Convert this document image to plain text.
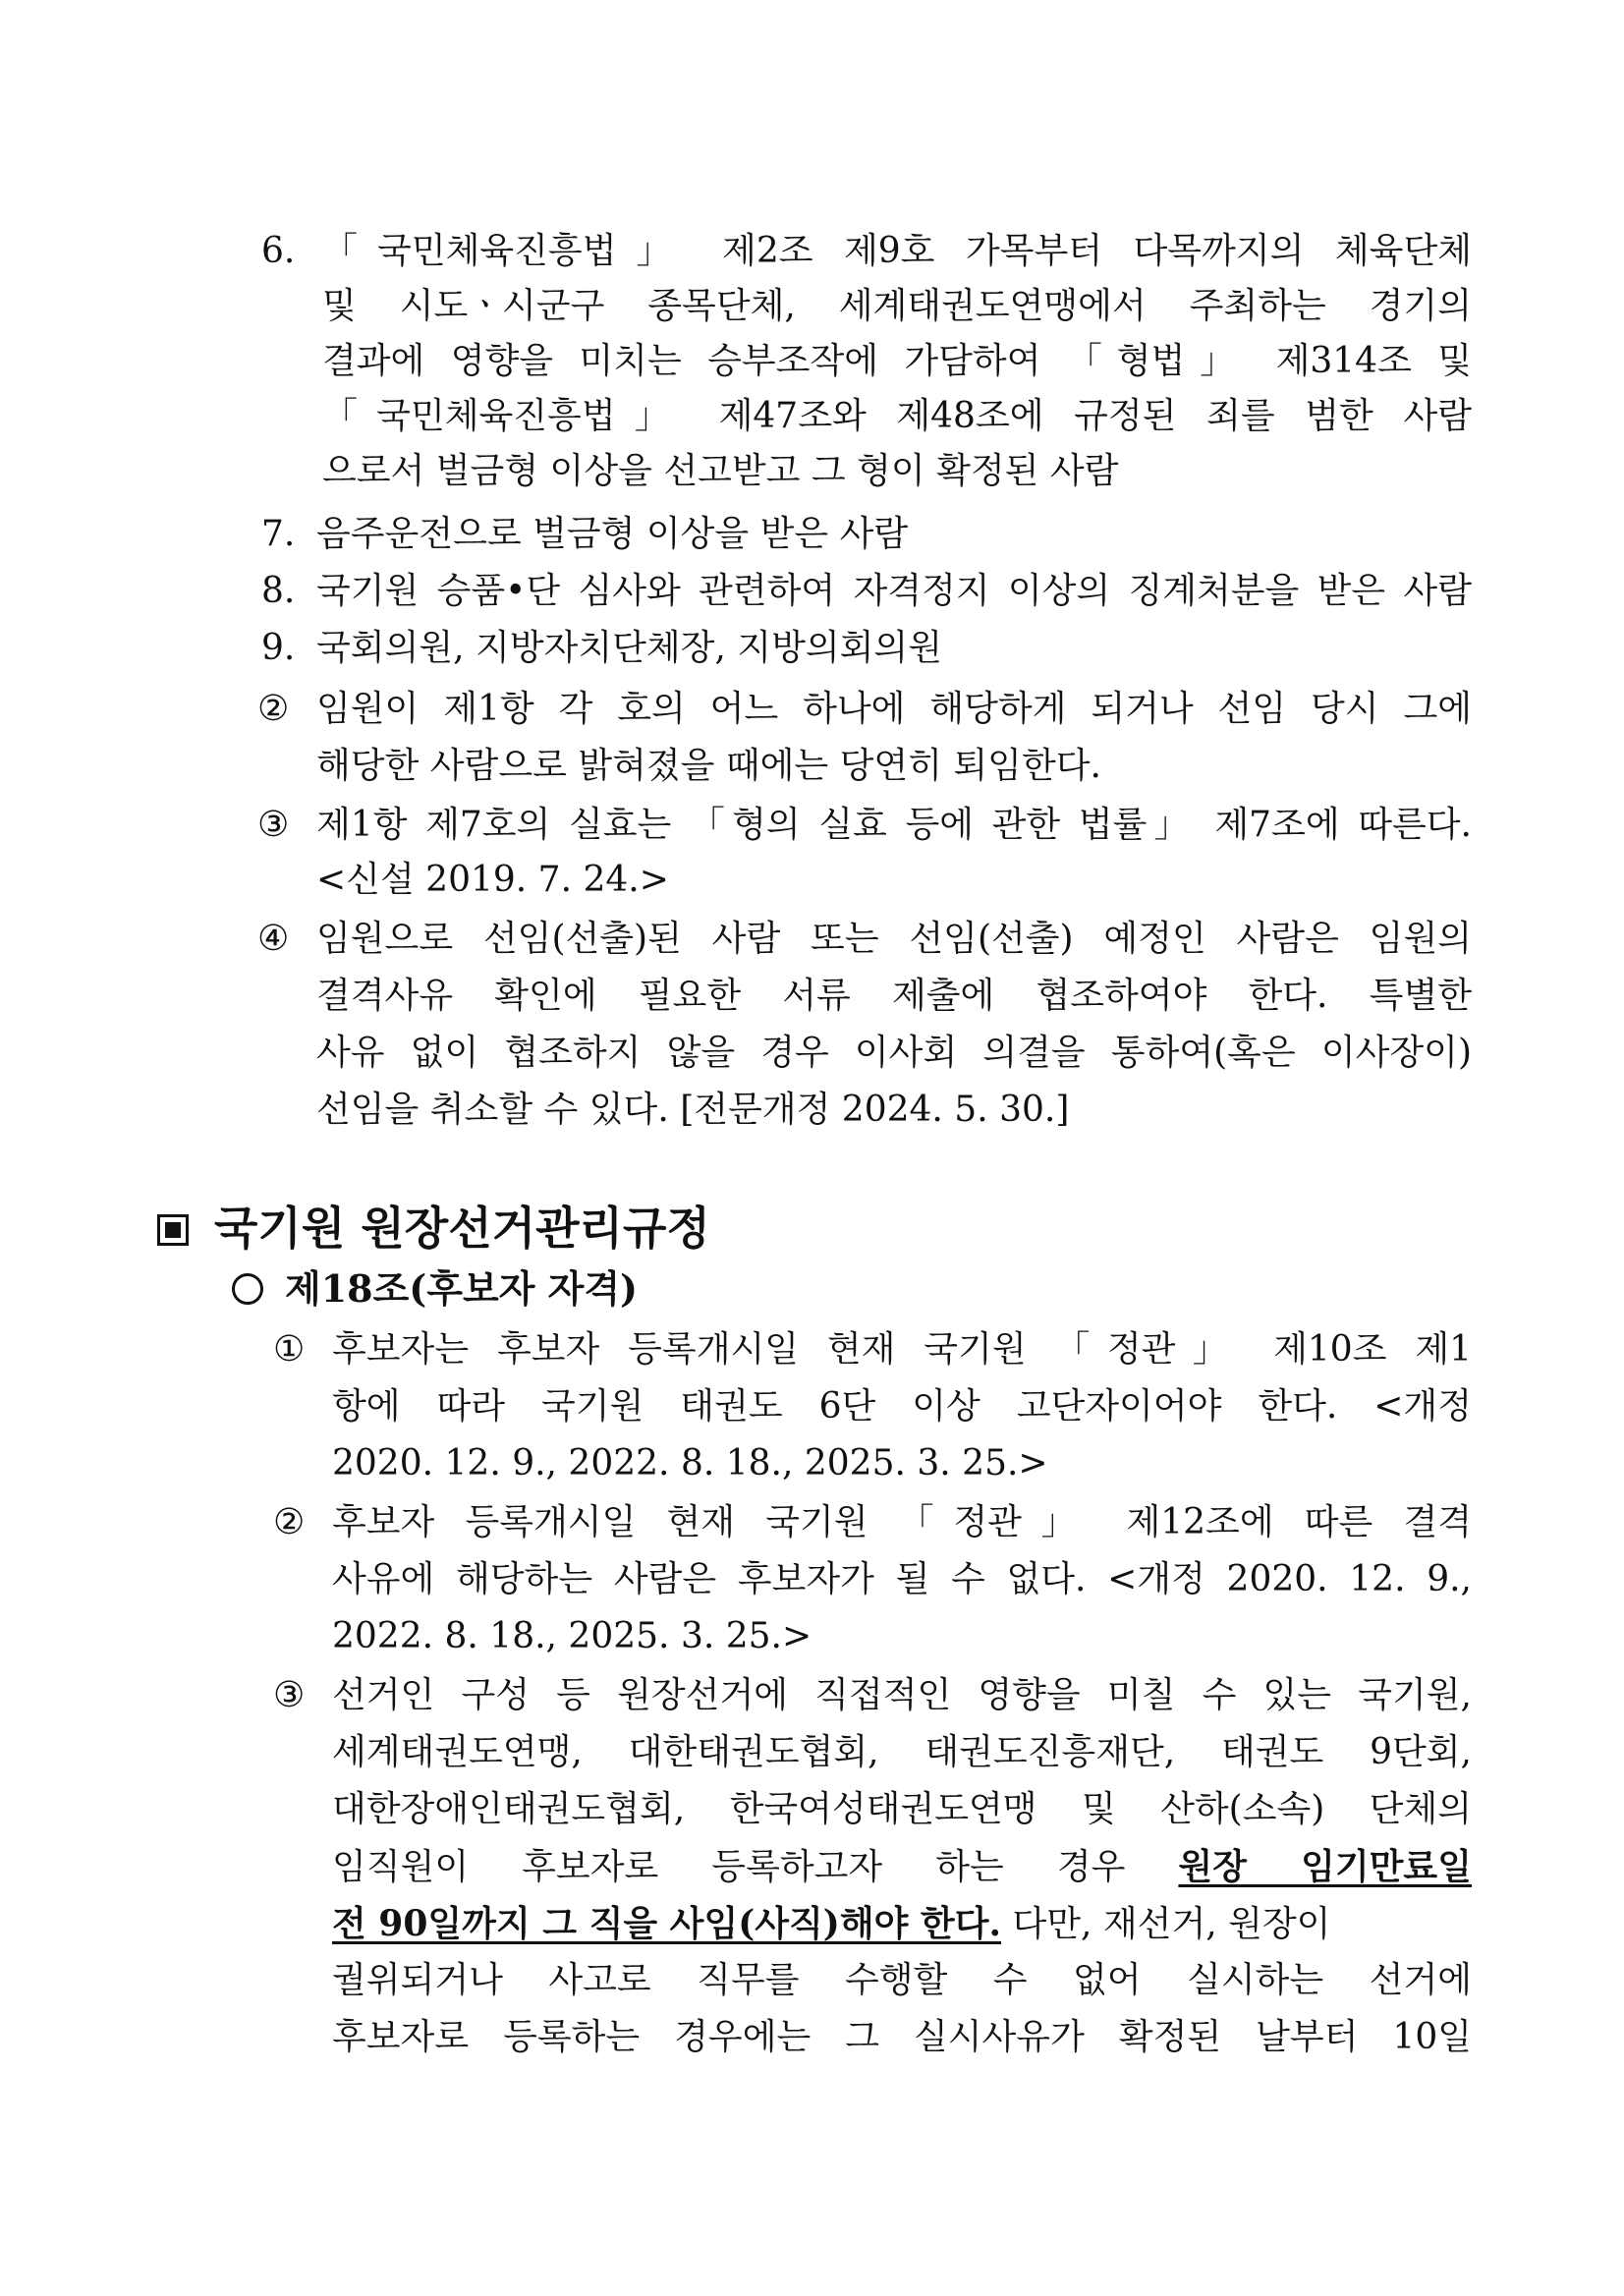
6. 「국민체육진흥법」 제2조 제9호 가목부터 다목까지의 체육단체
및 시도ㆍ시군구 종목단체, 세계태권도연맹에서 주최하는 경기의
결과에 영향을 미치는 승부조작에 가담하여 「형법」 제314조 및
「국민체육진흥법」 제47조와 제48조에 규정된 죄를 범한 사람
으로서 벌금형 이상을 선고받고 그 형이 확정된 사람
7. 음주운전으로 벌금형 이상을 받은 사람
8. 국기원 승품•단 심사와 관련하여 자격정지 이상의 징계처분을 받은 사람
9. 국회의원, 지방자치단체장, 지방의회의원
② 임원이 제1항 각 호의 어느 하나에 해당하게 되거나 선임 당시 그에
해당한 사람으로 밝혀졌을 때에는 당연히 퇴임한다.
③ 제1항 제7호의 실효는 「형의 실효 등에 관한 법률」 제7조에 따른다.
<신설 2019. 7. 24.>
④ 임원으로 선임(선출)된 사람 또는 선임(선출) 예정인 사람은 임원의
결격사유 확인에 필요한 서류 제출에 협조하여야 한다. 특별한
사유 없이 협조하지 않을 경우 이사회 의결을 통하여(혹은 이사장이)
선임을 취소할 수 있다. [전문개정 2024. 5. 30.]
국기원 원장선거관리규정
제18조(후보자 자격)
① 후보자는 후보자 등록개시일 현재 국기원 「정관」 제10조 제1
항에 따라 국기원 태권도 6단 이상 고단자이어야 한다. <개정
2020. 12. 9., 2022. 8. 18., 2025. 3. 25.>
② 후보자 등록개시일 현재 국기원 「정관」 제12조에 따른 결격
사유에 해당하는 사람은 후보자가 될 수 없다. <개정 2020. 12. 9.,
2022. 8. 18., 2025. 3. 25.>
③ 선거인 구성 등 원장선거에 직접적인 영향을 미칠 수 있는 국기원,
세계태권도연맹, 대한태권도협회, 태권도진흥재단, 태권도 9단회,
대한장애인태권도협회, 한국여성태권도연맹 및 산하(소속) 단체의
임직원이 후보자로 등록하고자 하는 경우 원장 임기만료일
전 90일까지 그 직을 사임(사직)해야 한다. 다만, 재선거, 원장이
궐위되거나 사고로 직무를 수행할 수 없어 실시하는 선거에
후보자로 등록하는 경우에는 그 실시사유가 확정된 날부터 10일
